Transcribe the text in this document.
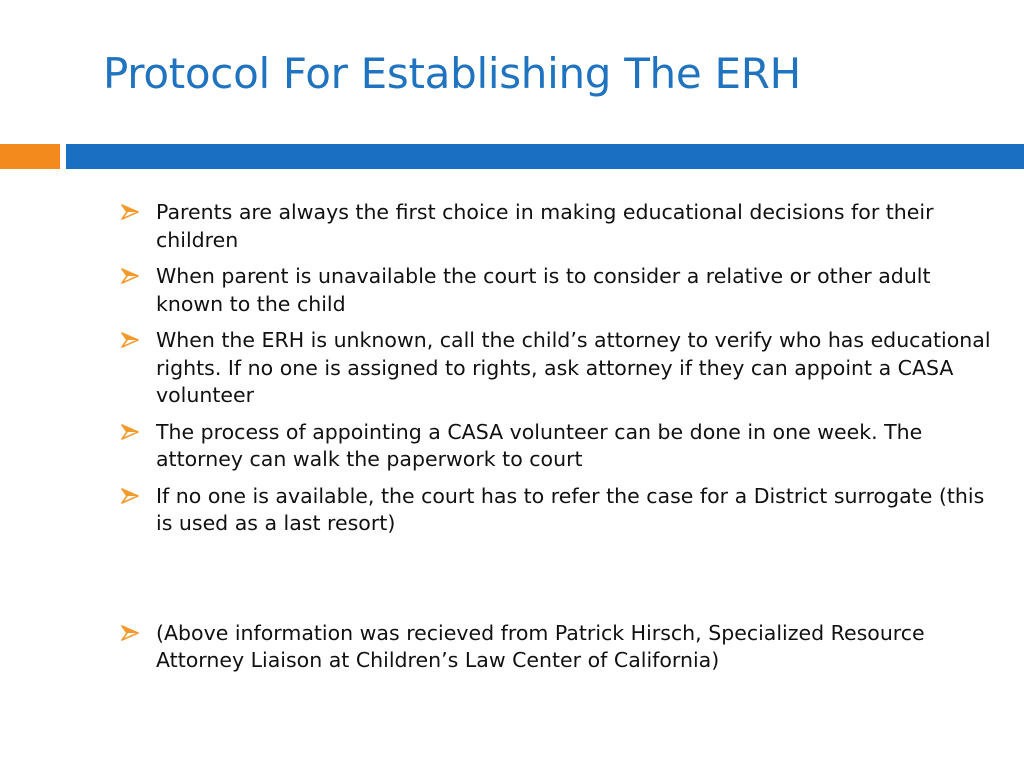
Protocol For Establishing The ERH
Parents are always the first choice in making educational decisions for their children
When parent is unavailable the court is to consider a relative or other adult known to the child
When the ERH is unknown, call the child’s attorney to verify who has educational rights. If no one is assigned to rights, ask attorney if they can appoint a CASA volunteer
The process of appointing a CASA volunteer can be done in one week. The attorney can walk the paperwork to court
If no one is available, the court has to refer the case for a District surrogate (this is used as a last resort)
(Above information was recieved from Patrick Hirsch, Specialized Resource Attorney Liaison at Children’s Law Center of California)
